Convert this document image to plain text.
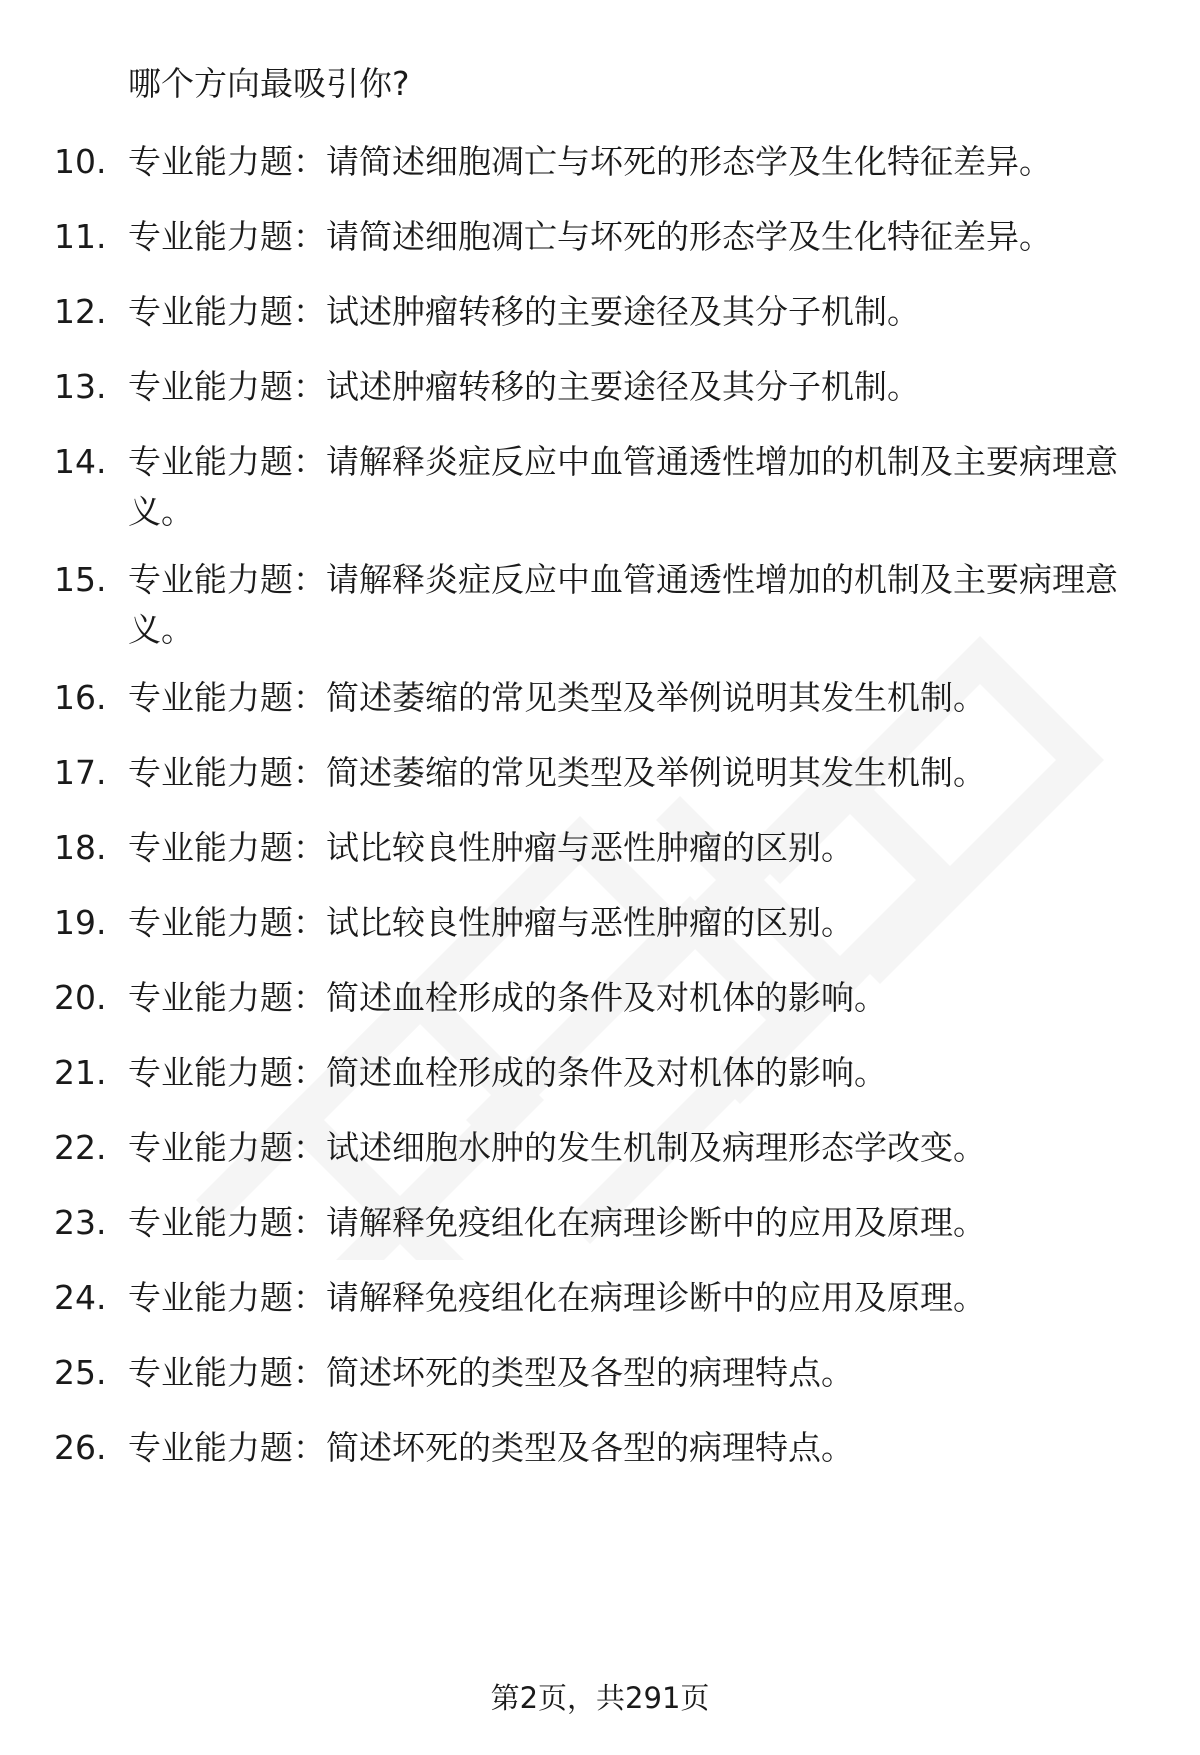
哪个方向最吸引你?
10. 专业能力题：请简述细胞凋亡与坏死的形态学及生化特征差异。
11. 专业能力题：请简述细胞凋亡与坏死的形态学及生化特征差异。
12. 专业能力题：试述肿瘤转移的主要途径及其分子机制。
13. 专业能力题：试述肿瘤转移的主要途径及其分子机制。
14. 专业能力题：请解释炎症反应中血管通透性增加的机制及主要病理意义。
15. 专业能力题：请解释炎症反应中血管通透性增加的机制及主要病理意义。
16. 专业能力题：简述萎缩的常见类型及举例说明其发生机制。
17. 专业能力题：简述萎缩的常见类型及举例说明其发生机制。
18. 专业能力题：试比较良性肿瘤与恶性肿瘤的区别。
19. 专业能力题：试比较良性肿瘤与恶性肿瘤的区别。
20. 专业能力题：简述血栓形成的条件及对机体的影响。
21. 专业能力题：简述血栓形成的条件及对机体的影响。
22. 专业能力题：试述细胞水肿的发生机制及病理形态学改变。
23. 专业能力题：请解释免疫组化在病理诊断中的应用及原理。
24. 专业能力题：请解释免疫组化在病理诊断中的应用及原理。
25. 专业能力题：简述坏死的类型及各型的病理特点。
26. 专业能力题：简述坏死的类型及各型的病理特点。
第2页，共291页
